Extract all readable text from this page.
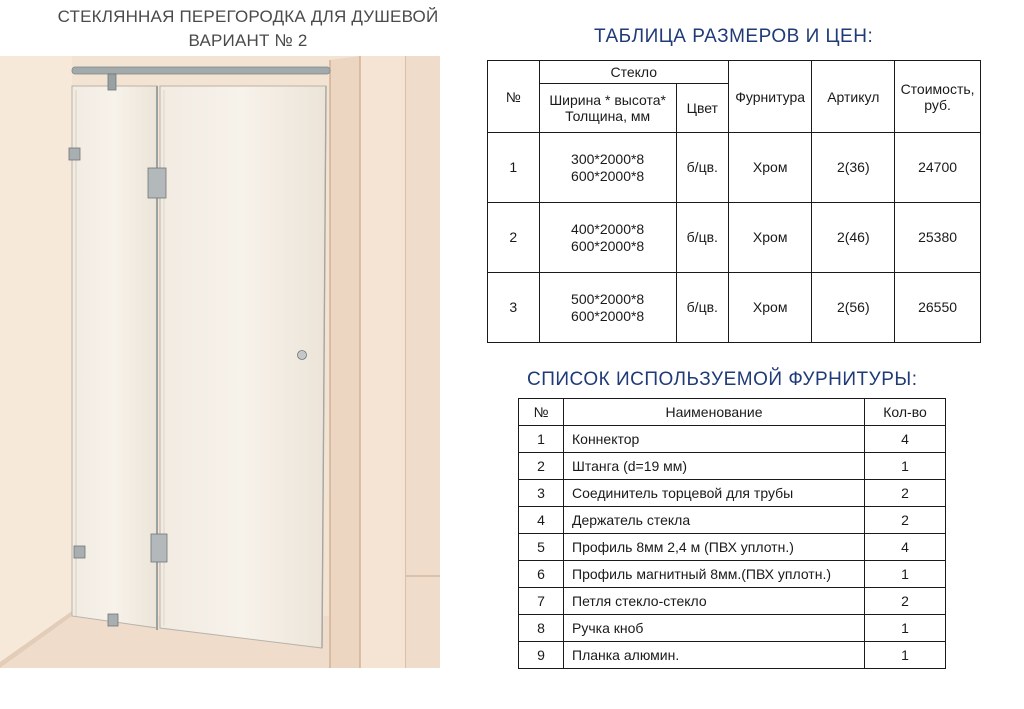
СТЕКЛЯННАЯ ПЕРЕГОРОДКА ДЛЯ ДУШЕВОЙ
ВАРИАНТ № 2	ТАБЛИЦА РАЗМЕРОВ И ЦЕН:
№	Стекло		Фурнитура	Артикул	Стоимость,
руб.

	Ширина * высота*
Толщина, мм	Цвет			
1	300*2000*8
600*2000*8	б/цв.	Хром	2(36)	24700
2	400*2000*8
600*2000*8	б/цв.	Хром	2(46)	25380
3	500*2000*8
600*2000*8	б/цв.	Хром	2(56)	26550
СПИСОК ИСПОЛЬЗУЕМОЙ ФУРНИТУРЫ:
№	Наименование	Кол-во
1	Коннектор	4
2	Штанга (d=19 мм)	1
3	Соединитель торцевой для трубы	2
4	Держатель стекла	2
5	Профиль 8мм 2,4 м (ПВХ уплотн.)	4
6	Профиль магнитный 8мм.(ПВХ уплотн.)	1
7	Петля стекло-стекло	2
8	Ручка кноб	1
9	Планка алюмин.	1
